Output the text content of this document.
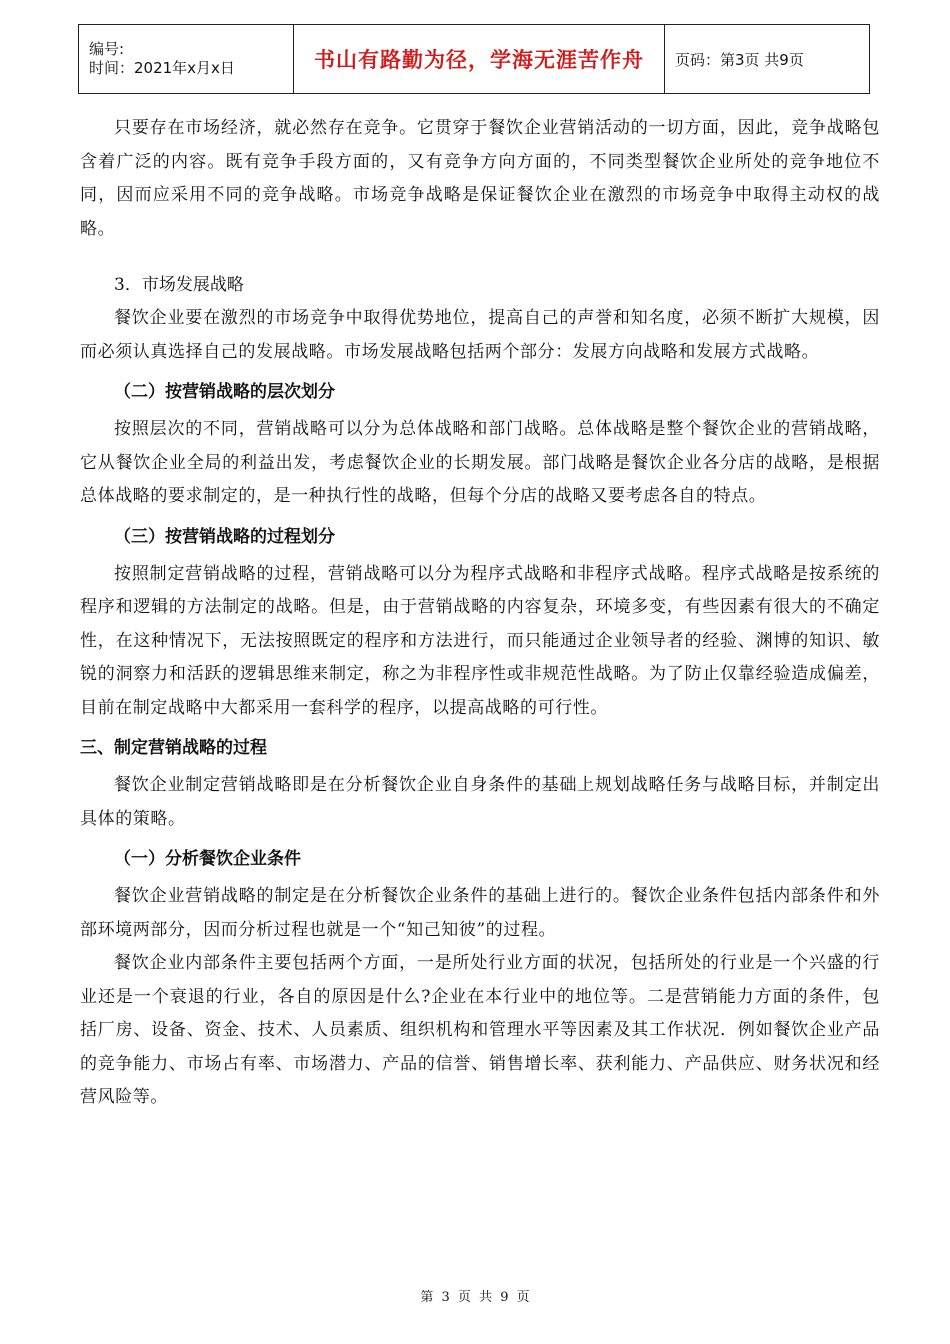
编号:
时间：2021年x月x日	书山有路勤为径，学海无涯苦作舟	页码：第3页 共9页

只要存在市场经济，就必然存在竞争。它贯穿于餐饮企业营销活动的一切方面，因此，竞争战略包含着广泛的内容。既有竞争手段方面的，又有竞争方向方面的，不同类型餐饮企业所处的竞争地位不同，因而应采用不同的竞争战略。市场竞争战略是保证餐饮企业在激烈的市场竞争中取得主动权的战略。

3．市场发展战略

餐饮企业要在激烈的市场竞争中取得优势地位，提高自己的声誉和知名度，必须不断扩大规模，因而必须认真选择自己的发展战略。市场发展战略包括两个部分：发展方向战略和发展方式战略。

（二）按营销战略的层次划分

按照层次的不同，营销战略可以分为总体战略和部门战略。总体战略是整个餐饮企业的营销战略，它从餐饮企业全局的利益出发，考虑餐饮企业的长期发展。部门战略是餐饮企业各分店的战略，是根据总体战略的要求制定的，是一种执行性的战略，但每个分店的战略又要考虑各自的特点。

（三）按营销战略的过程划分

按照制定营销战略的过程，营销战略可以分为程序式战略和非程序式战略。程序式战略是按系统的程序和逻辑的方法制定的战略。但是，由于营销战略的内容复杂，环境多变，有些因素有很大的不确定性，在这种情况下，无法按照既定的程序和方法进行，而只能通过企业领导者的经验、渊博的知识、敏锐的洞察力和活跃的逻辑思维来制定，称之为非程序性或非规范性战略。为了防止仅靠经验造成偏差，目前在制定战略中大都采用一套科学的程序，以提高战略的可行性。

三、制定营销战略的过程

餐饮企业制定营销战略即是在分析餐饮企业自身条件的基础上规划战略任务与战略目标，并制定出具体的策略。

（一）分析餐饮企业条件

餐饮企业营销战略的制定是在分析餐饮企业条件的基础上进行的。餐饮企业条件包括内部条件和外部环境两部分，因而分析过程也就是一个“知己知彼”的过程。

餐饮企业内部条件主要包括两个方面，一是所处行业方面的状况，包括所处的行业是一个兴盛的行业还是一个衰退的行业，各自的原因是什么?企业在本行业中的地位等。二是营销能力方面的条件，包括厂房、设备、资金、技术、人员素质、组织机构和管理水平等因素及其工作状况．例如餐饮企业产品的竞争能力、市场占有率、市场潜力、产品的信誉、销售增长率、获利能力、产品供应、财务状况和经营风险等。

第 3 页 共 9 页
